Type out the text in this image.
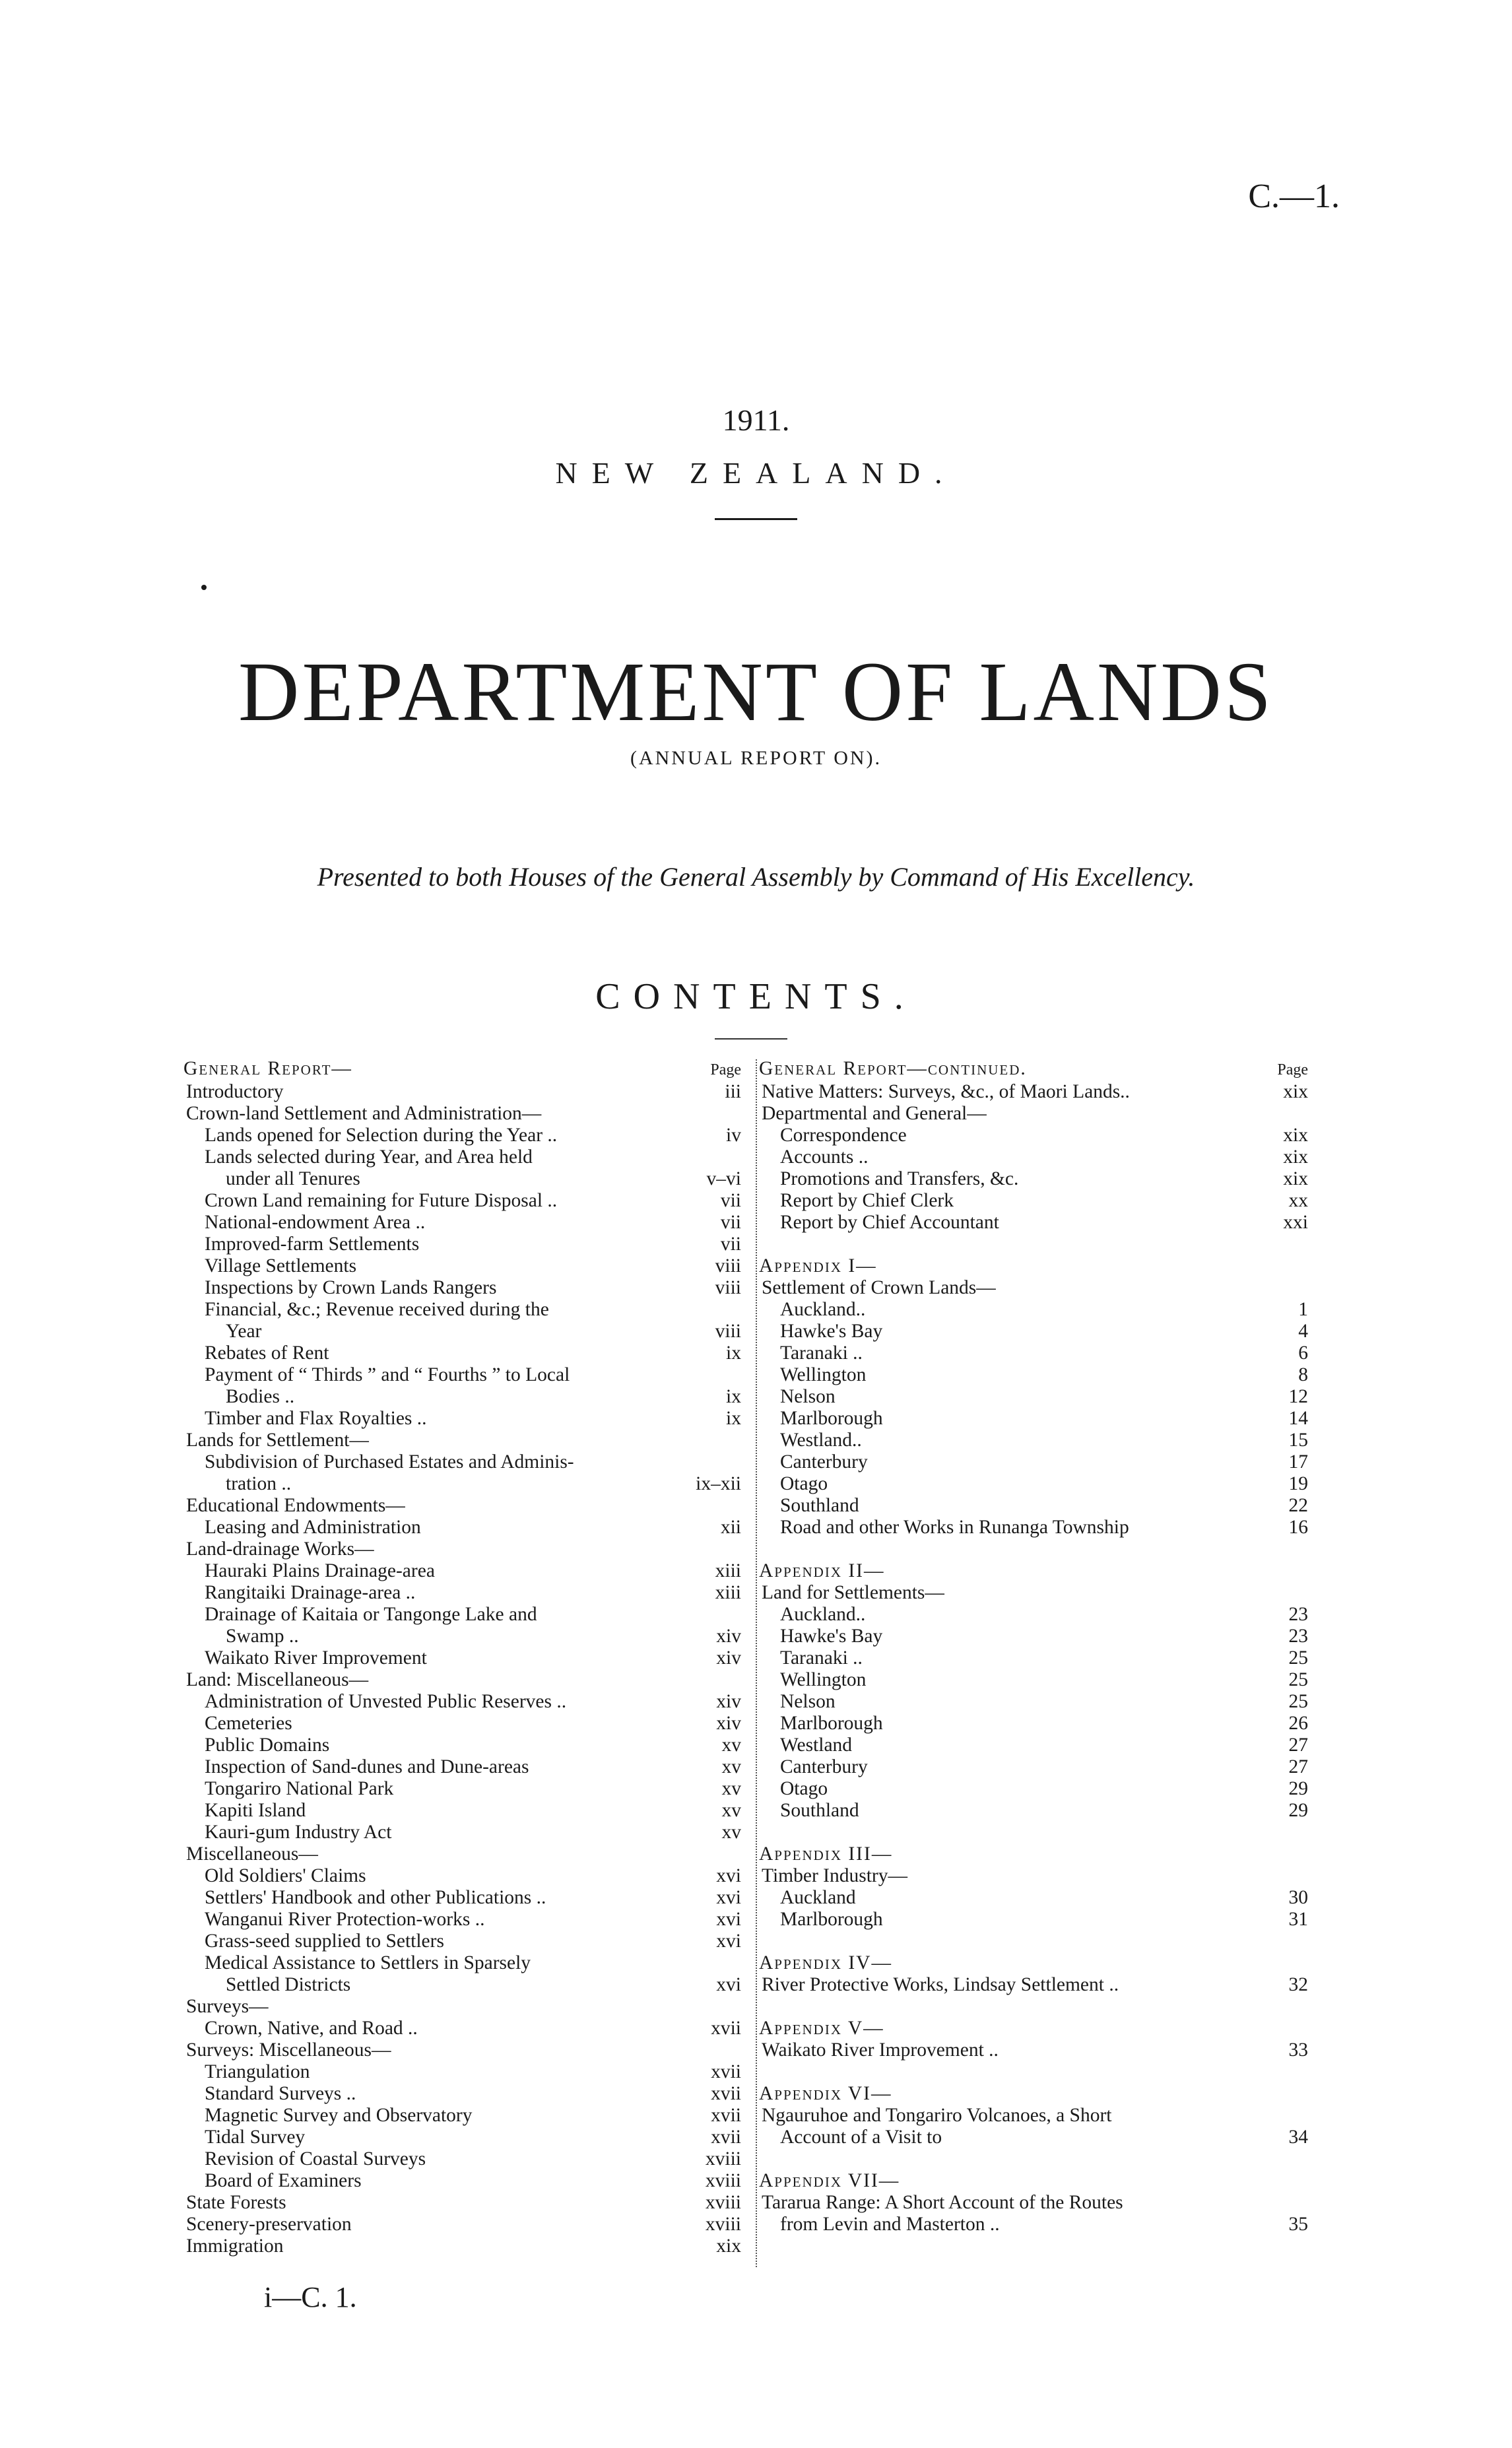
C.—1.
1911.
NEW ZEALAND.
DEPARTMENT OF LANDS
(ANNUAL REPORT ON).
Presented to both Houses of the General Assembly by Command of His Excellency.
CONTENTS.
General Report—	Page
Introductory	iii
Crown-land Settlement and Administration—
Lands opened for Selection during the Year ..	iv
Lands selected during Year, and Area held
under all Tenures	v–vi
Crown Land remaining for Future Disposal ..	vii
National-endowment Area ..	vii
Improved-farm Settlements	vii
Village Settlements	viii
Inspections by Crown Lands Rangers	viii
Financial, &c.; Revenue received during the
Year	viii
Rebates of Rent	ix
Payment of “ Thirds ” and “ Fourths ” to Local
Bodies ..	ix
Timber and Flax Royalties ..	ix
Lands for Settlement—
Subdivision of Purchased Estates and Adminis-
tration ..	ix–xii
Educational Endowments—
Leasing and Administration	xii
Land-drainage Works—
Hauraki Plains Drainage-area	xiii
Rangitaiki Drainage-area ..	xiii
Drainage of Kaitaia or Tangonge Lake and
Swamp ..	xiv
Waikato River Improvement	xiv
Land: Miscellaneous—
Administration of Unvested Public Reserves ..	xiv
Cemeteries	xiv
Public Domains	xv
Inspection of Sand-dunes and Dune-areas	xv
Tongariro National Park	xv
Kapiti Island	xv
Kauri-gum Industry Act	xv
Miscellaneous—
Old Soldiers' Claims	xvi
Settlers' Handbook and other Publications ..	xvi
Wanganui River Protection-works ..	xvi
Grass-seed supplied to Settlers	xvi
Medical Assistance to Settlers in Sparsely
Settled Districts	xvi
Surveys—
Crown, Native, and Road ..	xvii
Surveys: Miscellaneous—
Triangulation	xvii
Standard Surveys ..	xvii
Magnetic Survey and Observatory	xvii
Tidal Survey	xvii
Revision of Coastal Surveys	xviii
Board of Examiners	xviii
State Forests	xviii
Scenery-preservation	xviii
Immigration	xix
General Report—continued.	Page
Native Matters: Surveys, &c., of Maori Lands..	xix
Departmental and General—
Correspondence	xix
Accounts ..	xix
Promotions and Transfers, &c.	xix
Report by Chief Clerk	xx
Report by Chief Accountant	xxi
Appendix I—
Settlement of Crown Lands—
Auckland..	1
Hawke's Bay	4
Taranaki ..	6
Wellington	8
Nelson	12
Marlborough	14
Westland..	15
Canterbury	17
Otago	19
Southland	22
Road and other Works in Runanga Township	16
Appendix II—
Land for Settlements—
Auckland..	23
Hawke's Bay	23
Taranaki ..	25
Wellington	25
Nelson	25
Marlborough	26
Westland	27
Canterbury	27
Otago	29
Southland	29
Appendix III—
Timber Industry—
Auckland	30
Marlborough	31
Appendix IV—
River Protective Works, Lindsay Settlement ..	32
Appendix V—
Waikato River Improvement ..	33
Appendix VI—
Ngauruhoe and Tongariro Volcanoes, a Short
Account of a Visit to	34
Appendix VII—
Tararua Range: A Short Account of the Routes
from Levin and Masterton ..	35
i—C. 1.
